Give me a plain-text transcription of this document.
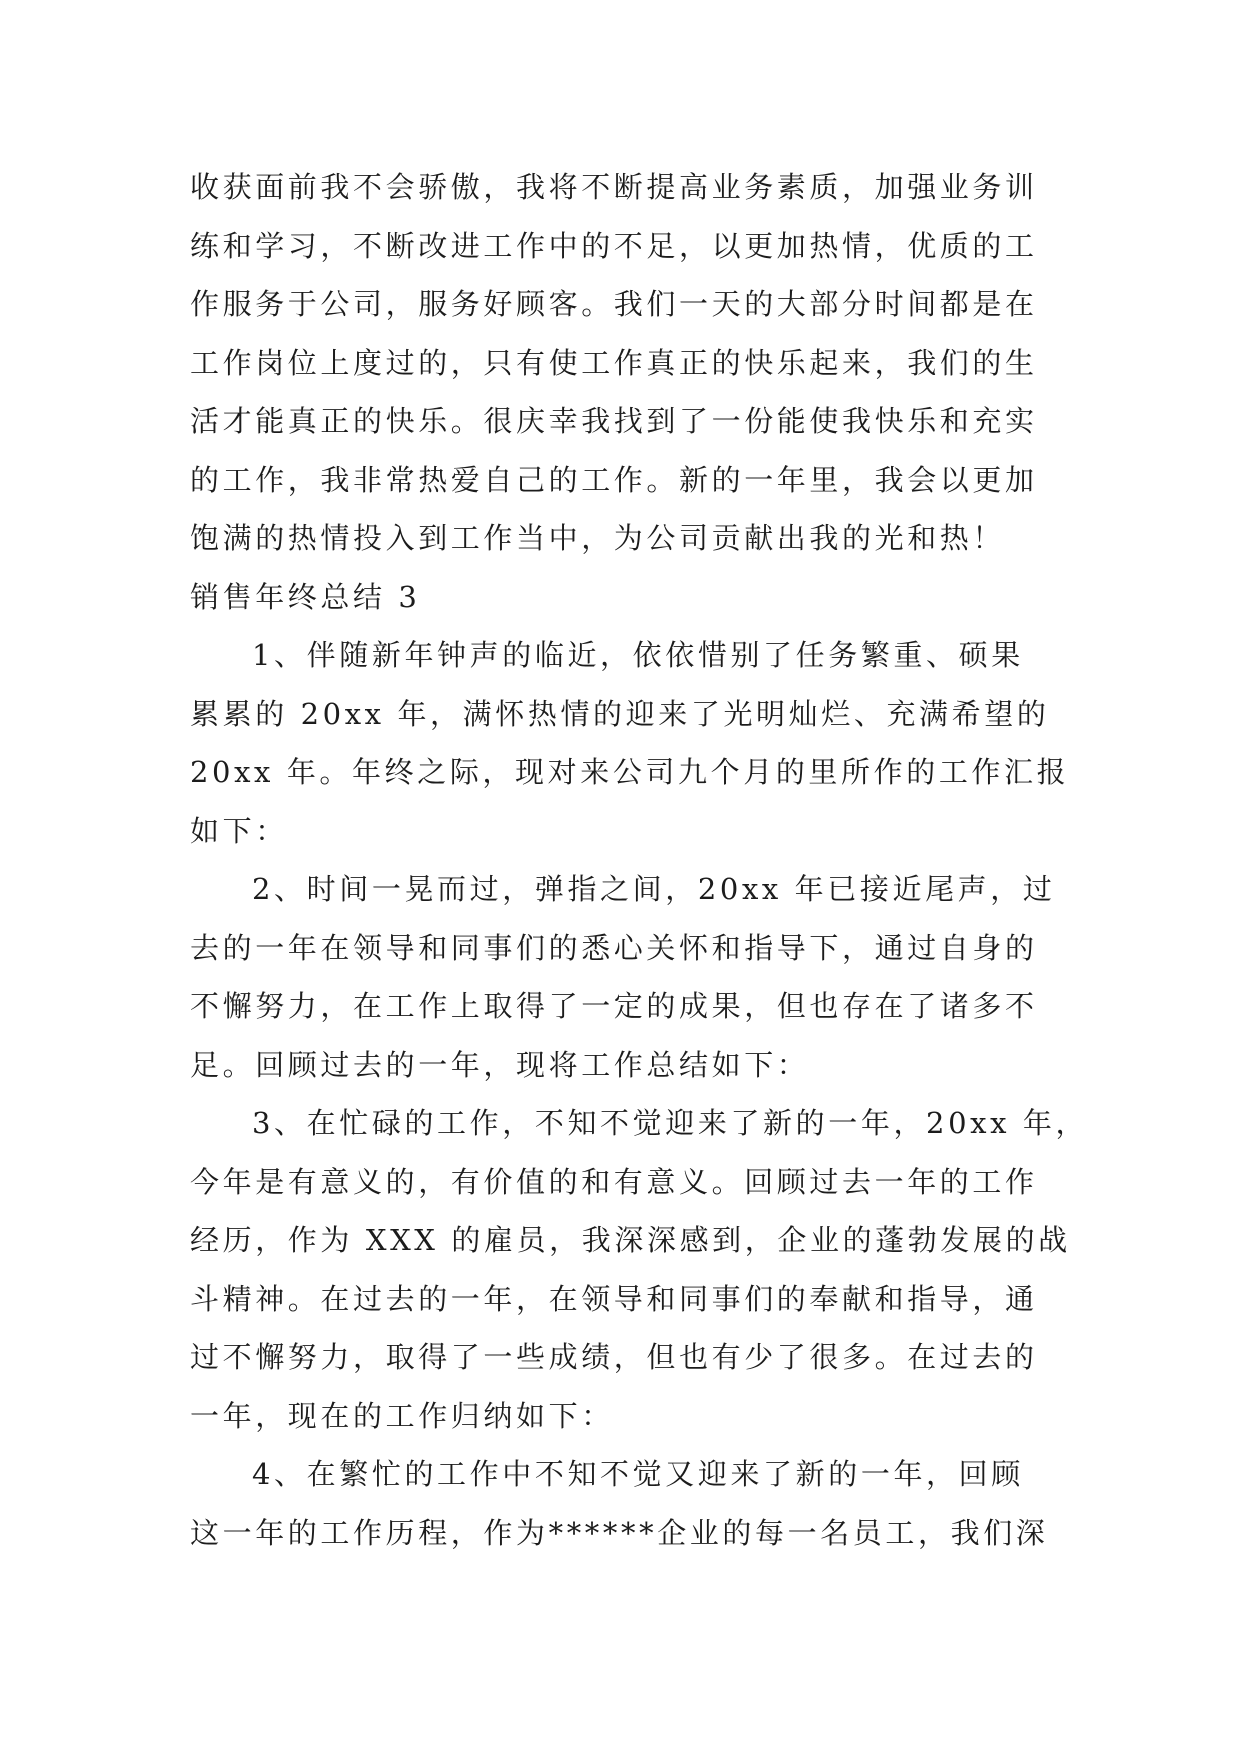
收获面前我不会骄傲，我将不断提高业务素质，加强业务训
练和学习，不断改进工作中的不足，以更加热情，优质的工
作服务于公司，服务好顾客。我们一天的大部分时间都是在
工作岗位上度过的，只有使工作真正的快乐起来，我们的生
活才能真正的快乐。很庆幸我找到了一份能使我快乐和充实
的工作，我非常热爱自己的工作。新的一年里，我会以更加
饱满的热情投入到工作当中，为公司贡献出我的光和热！
销售年终总结 3
1、伴随新年钟声的临近，依依惜别了任务繁重、硕果
累累的 20xx 年，满怀热情的迎来了光明灿烂、充满希望的
20xx 年。年终之际，现对来公司九个月的里所作的工作汇报
如下：
2、时间一晃而过，弹指之间，20xx 年已接近尾声，过
去的一年在领导和同事们的悉心关怀和指导下，通过自身的
不懈努力，在工作上取得了一定的成果，但也存在了诸多不
足。回顾过去的一年，现将工作总结如下：
3、在忙碌的工作，不知不觉迎来了新的一年，20xx 年，
今年是有意义的，有价值的和有意义。回顾过去一年的工作
经历，作为 XXX 的雇员，我深深感到，企业的蓬勃发展的战
斗精神。在过去的一年，在领导和同事们的奉献和指导，通
过不懈努力，取得了一些成绩，但也有少了很多。在过去的
一年，现在的工作归纳如下：
4、在繁忙的工作中不知不觉又迎来了新的一年，回顾
这一年的工作历程，作为******企业的每一名员工，我们深
